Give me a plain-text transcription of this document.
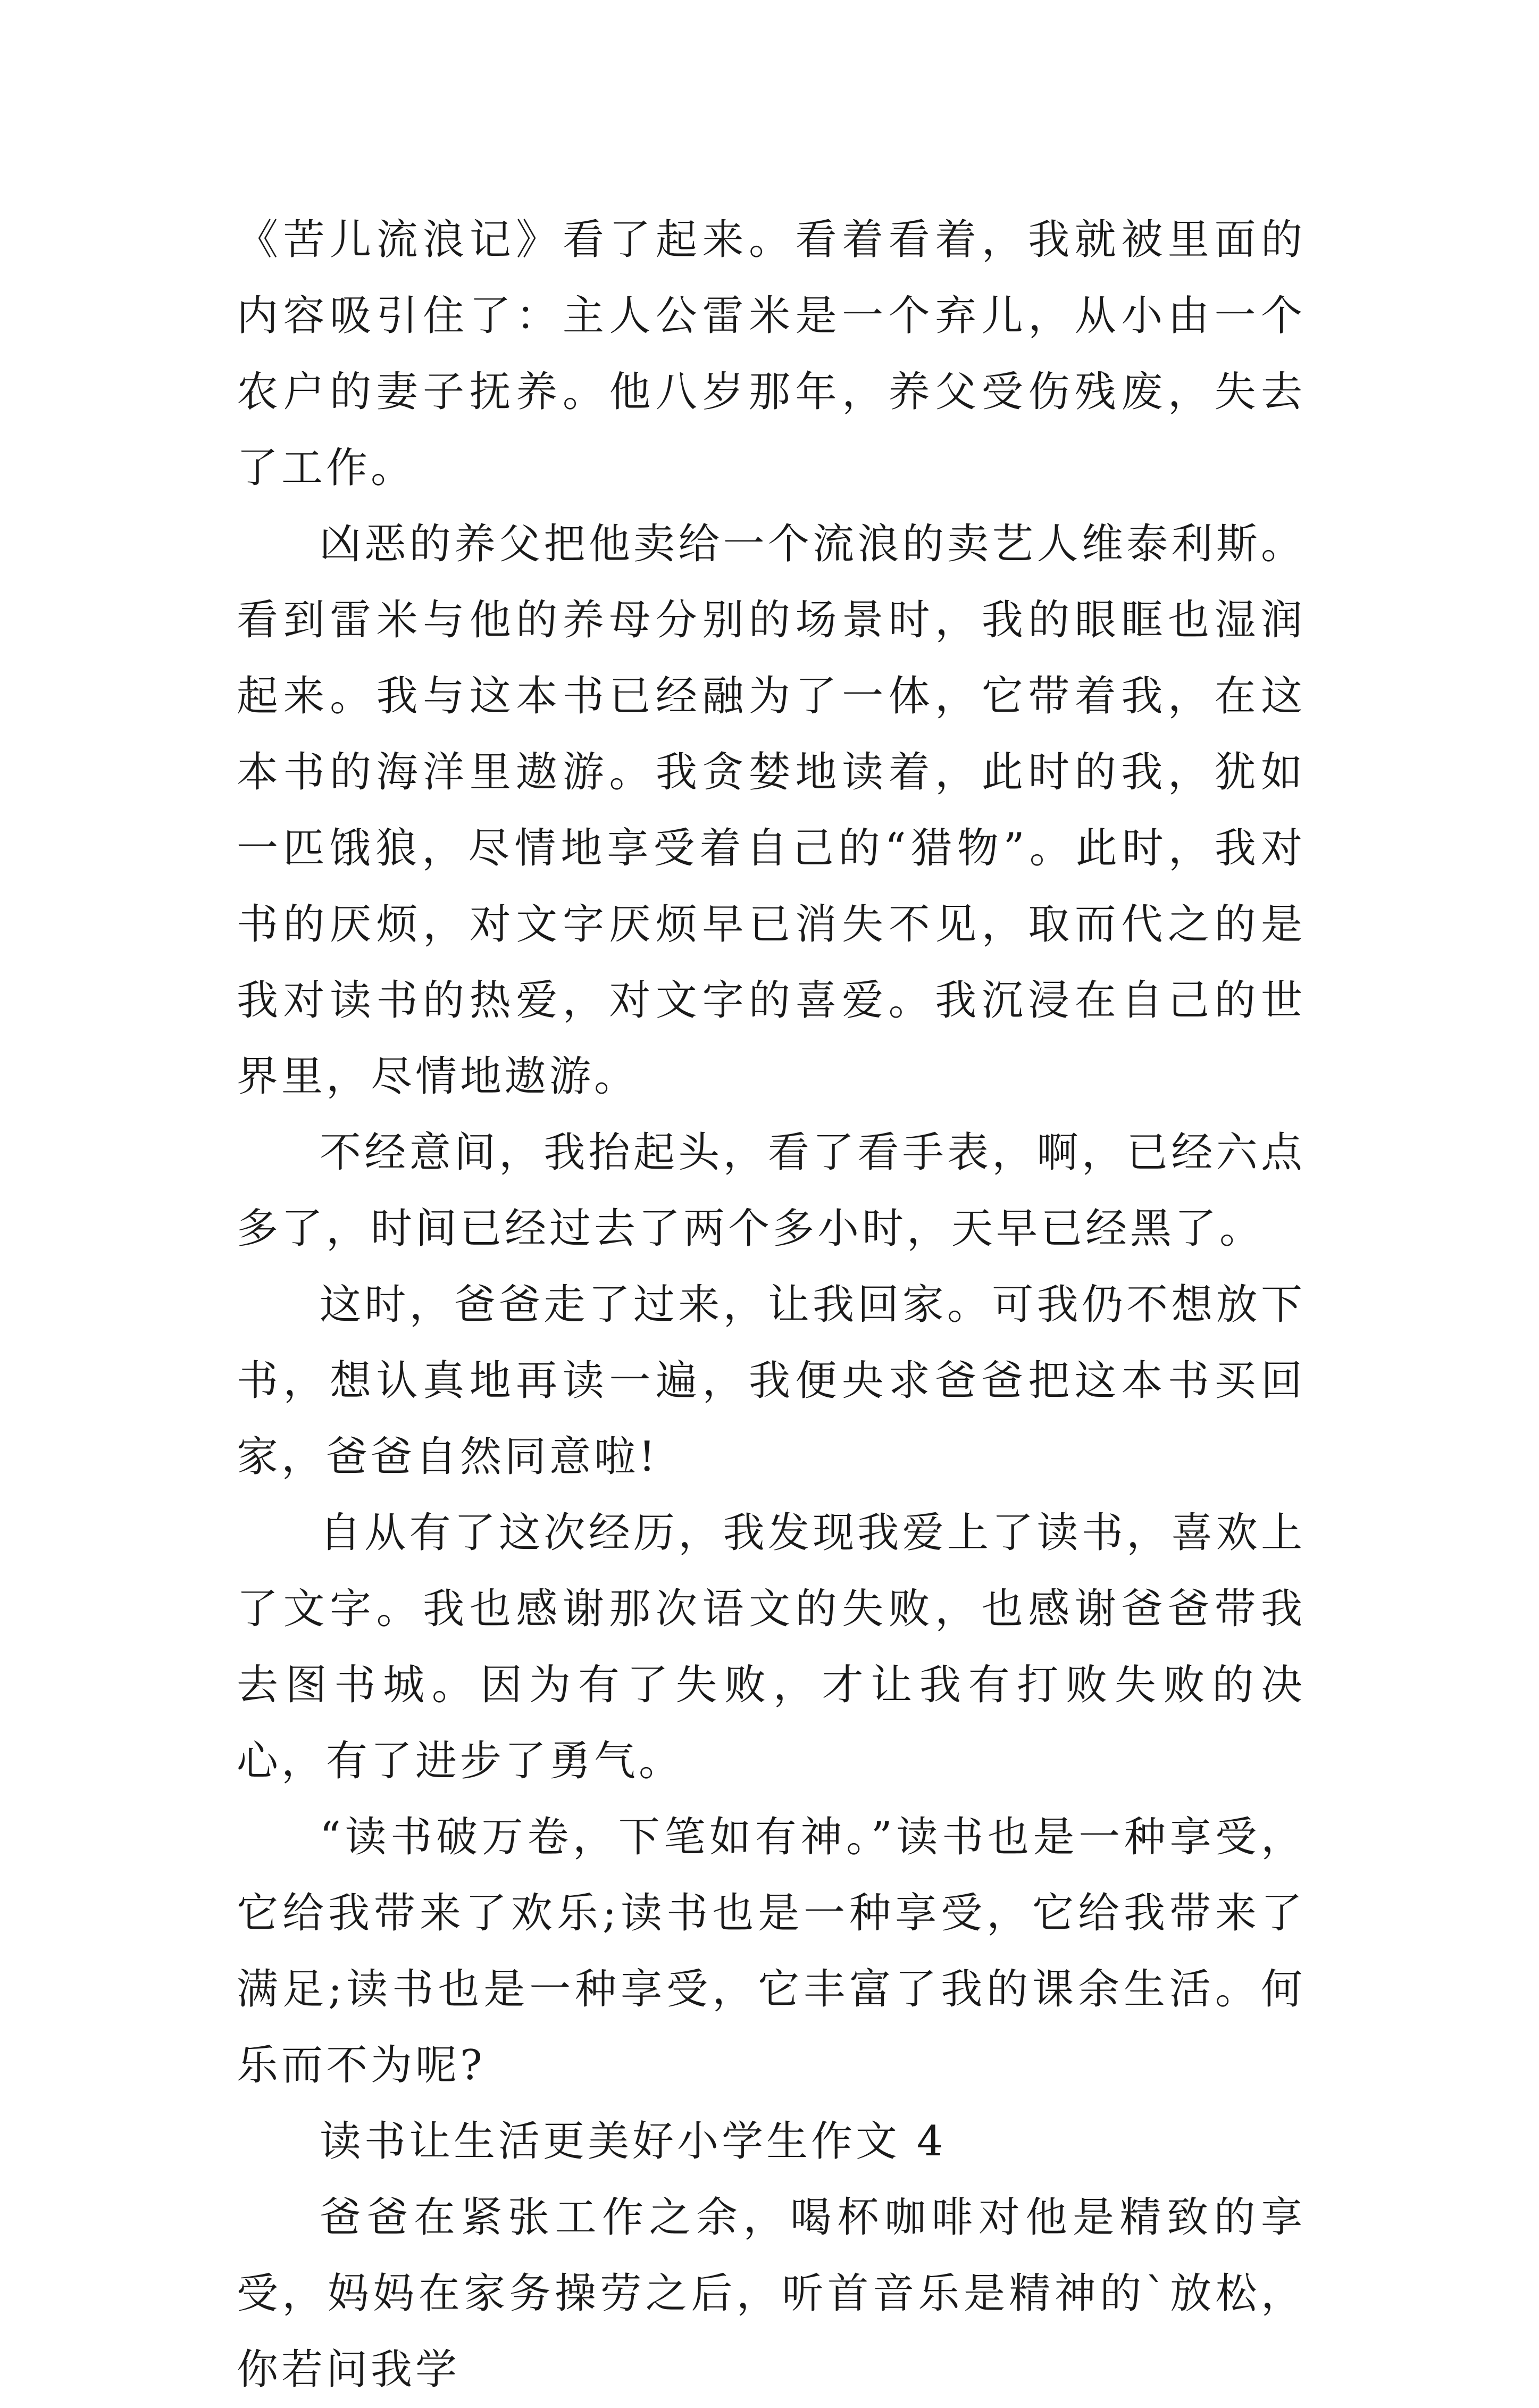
《苦儿流浪记》看了起来。看着看着，我就被里面的内容吸引住了：主人公雷米是一个弃儿，从小由一个农户的妻子抚养。他八岁那年，养父受伤残废，失去了工作。

凶恶的养父把他卖给一个流浪的卖艺人维泰利斯。看到雷米与他的养母分别的场景时，我的眼眶也湿润起来。我与这本书已经融为了一体，它带着我，在这本书的海洋里遨游。我贪婪地读着，此时的我，犹如一匹饿狼，尽情地享受着自己的“猎物”。此时，我对书的厌烦，对文字厌烦早已消失不见，取而代之的是我对读书的热爱，对文字的喜爱。我沉浸在自己的世界里，尽情地遨游。

不经意间，我抬起头，看了看手表，啊，已经六点多了，时间已经过去了两个多小时，天早已经黑了。

这时，爸爸走了过来，让我回家。可我仍不想放下书，想认真地再读一遍，我便央求爸爸把这本书买回家，爸爸自然同意啦!

自从有了这次经历，我发现我爱上了读书，喜欢上了文字。我也感谢那次语文的失败，也感谢爸爸带我去图书城。因为有了失败，才让我有打败失败的决心，有了进步了勇气。

“读书破万卷，下笔如有神。”读书也是一种享受，它给我带来了欢乐;读书也是一种享受，它给我带来了满足;读书也是一种享受，它丰富了我的课余生活。何乐而不为呢?

读书让生活更美好小学生作文 4

爸爸在紧张工作之余，喝杯咖啡对他是精致的享受，妈妈在家务操劳之后，听首音乐是精神的`放松，你若问我学
